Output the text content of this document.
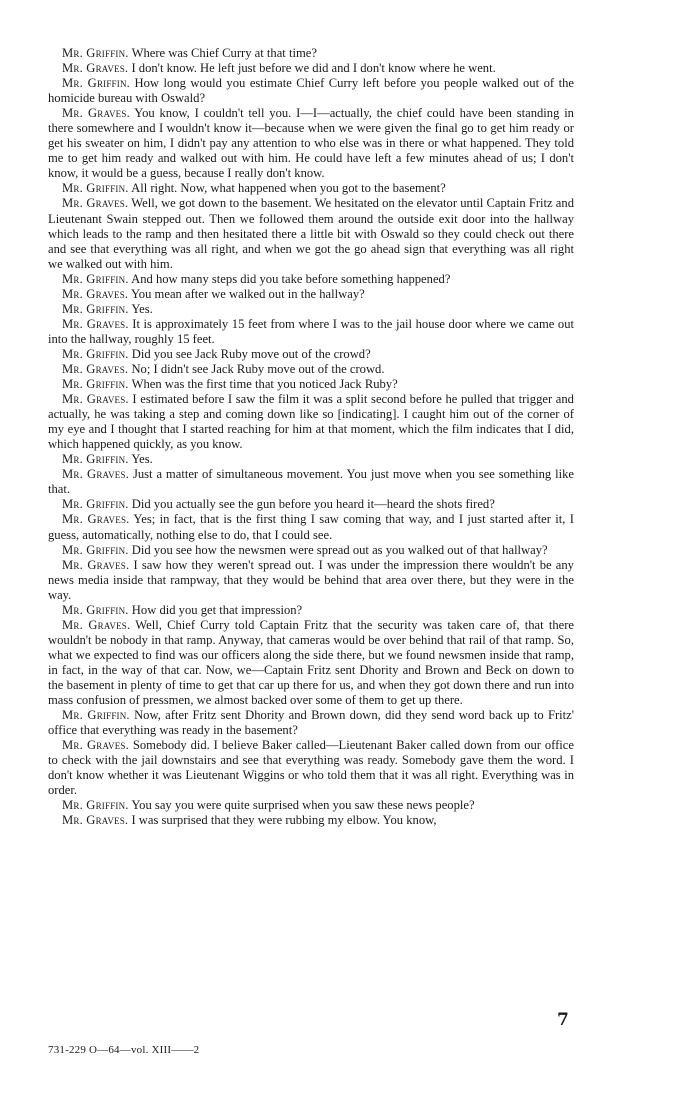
Mr. Griffin. Where was Chief Curry at that time?

Mr. Graves. I don't know. He left just before we did and I don't know where he went.

Mr. Griffin. How long would you estimate Chief Curry left before you people walked out of the homicide bureau with Oswald?

Mr. Graves. You know, I couldn't tell you. I—I—actually, the chief could have been standing in there somewhere and I wouldn't know it—because when we were given the final go to get him ready or get his sweater on him, I didn't pay any attention to who else was in there or what happened. They told me to get him ready and walked out with him. He could have left a few minutes ahead of us; I don't know, it would be a guess, because I really don't know.

Mr. Griffin. All right. Now, what happened when you got to the basement?

Mr. Graves. Well, we got down to the basement. We hesitated on the elevator until Captain Fritz and Lieutenant Swain stepped out. Then we followed them around the outside exit door into the hallway which leads to the ramp and then hesitated there a little bit with Oswald so they could check out there and see that everything was all right, and when we got the go ahead sign that everything was all right we walked out with him.

Mr. Griffin. And how many steps did you take before something happened?

Mr. Graves. You mean after we walked out in the hallway?

Mr. Griffin. Yes.

Mr. Graves. It is approximately 15 feet from where I was to the jail house door where we came out into the hallway, roughly 15 feet.

Mr. Griffin. Did you see Jack Ruby move out of the crowd?

Mr. Graves. No; I didn't see Jack Ruby move out of the crowd.

Mr. Griffin. When was the first time that you noticed Jack Ruby?

Mr. Graves. I estimated before I saw the film it was a split second before he pulled that trigger and actually, he was taking a step and coming down like so [indicating]. I caught him out of the corner of my eye and I thought that I started reaching for him at that moment, which the film indicates that I did, which happened quickly, as you know.

Mr. Griffin. Yes.

Mr. Graves. Just a matter of simultaneous movement. You just move when you see something like that.

Mr. Griffin. Did you actually see the gun before you heard it—heard the shots fired?

Mr. Graves. Yes; in fact, that is the first thing I saw coming that way, and I just started after it, I guess, automatically, nothing else to do, that I could see.

Mr. Griffin. Did you see how the newsmen were spread out as you walked out of that hallway?

Mr. Graves. I saw how they weren't spread out. I was under the impression there wouldn't be any news media inside that rampway, that they would be behind that area over there, but they were in the way.

Mr. Griffin. How did you get that impression?

Mr. Graves. Well, Chief Curry told Captain Fritz that the security was taken care of, that there wouldn't be nobody in that ramp. Anyway, that cameras would be over behind that rail of that ramp. So, what we expected to find was our officers along the side there, but we found newsmen inside that ramp, in fact, in the way of that car. Now, we—Captain Fritz sent Dhority and Brown and Beck on down to the basement in plenty of time to get that car up there for us, and when they got down there and run into mass confusion of pressmen, we almost backed over some of them to get up there.

Mr. Griffin. Now, after Fritz sent Dhority and Brown down, did they send word back up to Fritz' office that everything was ready in the basement?

Mr. Graves. Somebody did. I believe Baker called—Lieutenant Baker called down from our office to check with the jail downstairs and see that everything was ready. Somebody gave them the word. I don't know whether it was Lieutenant Wiggins or who told them that it was all right. Everything was in order.

Mr. Griffin. You say you were quite surprised when you saw these news people?

Mr. Graves. I was surprised that they were rubbing my elbow. You know,

7
731-229 O—64—vol. XIII——2
